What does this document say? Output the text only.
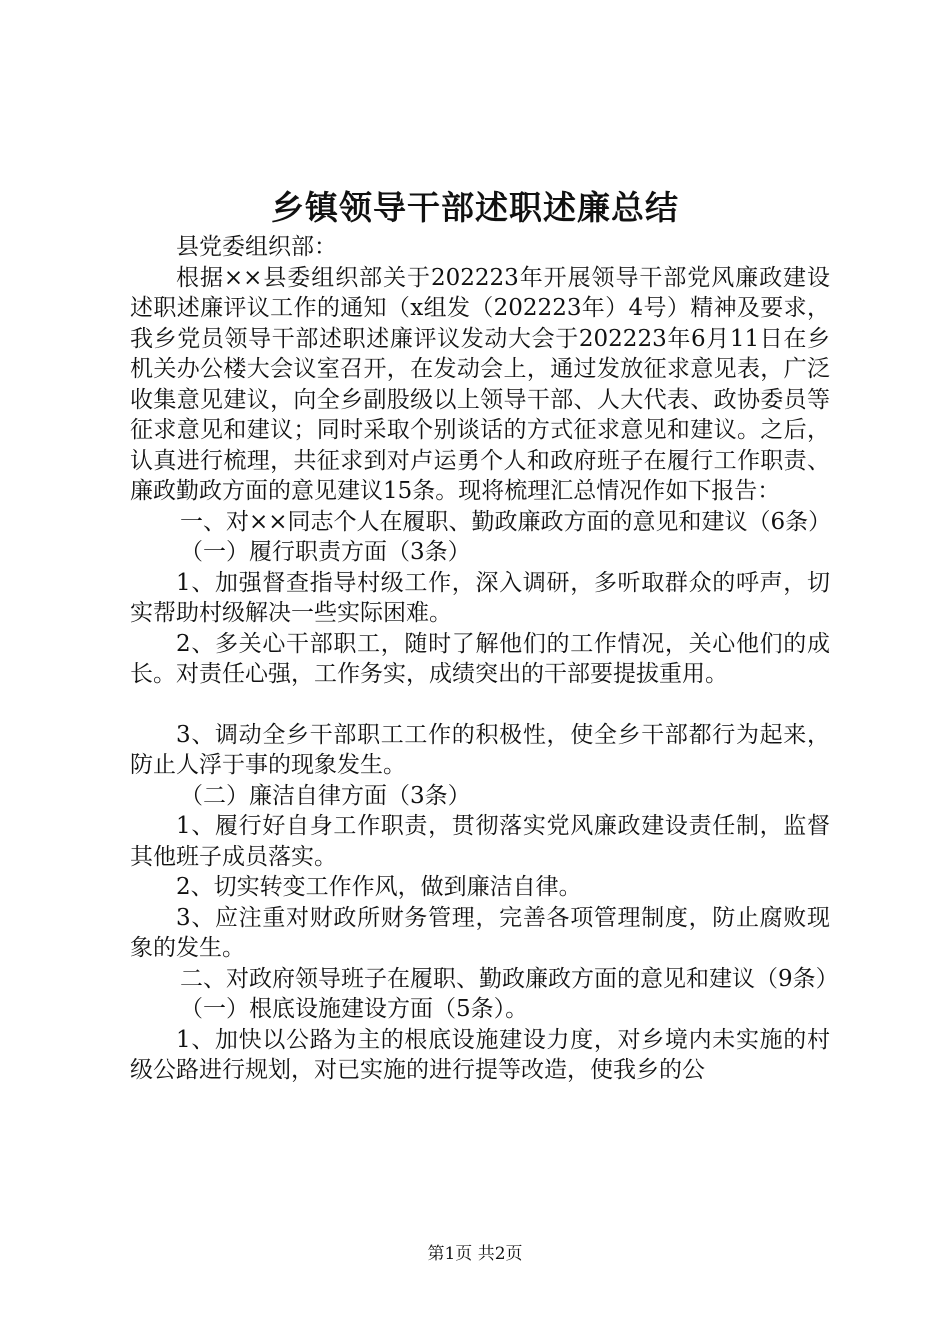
乡镇领导干部述职述廉总结

县党委组织部：

根据××县委组织部关于202223年开展领导干部党风廉政建设述职述廉评议工作的通知（x组发（202223年）4号）精神及要求，我乡党员领导干部述职述廉评议发动大会于202223年6月11日在乡机关办公楼大会议室召开，在发动会上，通过发放征求意见表，广泛收集意见建议，向全乡副股级以上领导干部、人大代表、政协委员等征求意见和建议；同时采取个别谈话的方式征求意见和建议。之后，认真进行梳理，共征求到对卢运勇个人和政府班子在履行工作职责、廉政勤政方面的意见建议15条。现将梳理汇总情况作如下报告：

一、对××同志个人在履职、勤政廉政方面的意见和建议（6条）

（一）履行职责方面（3条）

1、加强督查指导村级工作，深入调研，多听取群众的呼声，切实帮助村级解决一些实际困难。

2、多关心干部职工，随时了解他们的工作情况，关心他们的成长。对责任心强，工作务实，成绩突出的干部要提拔重用。

3、调动全乡干部职工工作的积极性，使全乡干部都行为起来，防止人浮于事的现象发生。

（二）廉洁自律方面（3条）

1、履行好自身工作职责，贯彻落实党风廉政建设责任制，监督其他班子成员落实。

2、切实转变工作作风，做到廉洁自律。

3、应注重对财政所财务管理，完善各项管理制度，防止腐败现象的发生。

二、对政府领导班子在履职、勤政廉政方面的意见和建议（9条）

（一）根底设施建设方面（5条）。

1、加快以公路为主的根底设施建设力度，对乡境内未实施的村级公路进行规划，对已实施的进行提等改造，使我乡的公

第1页 共2页
